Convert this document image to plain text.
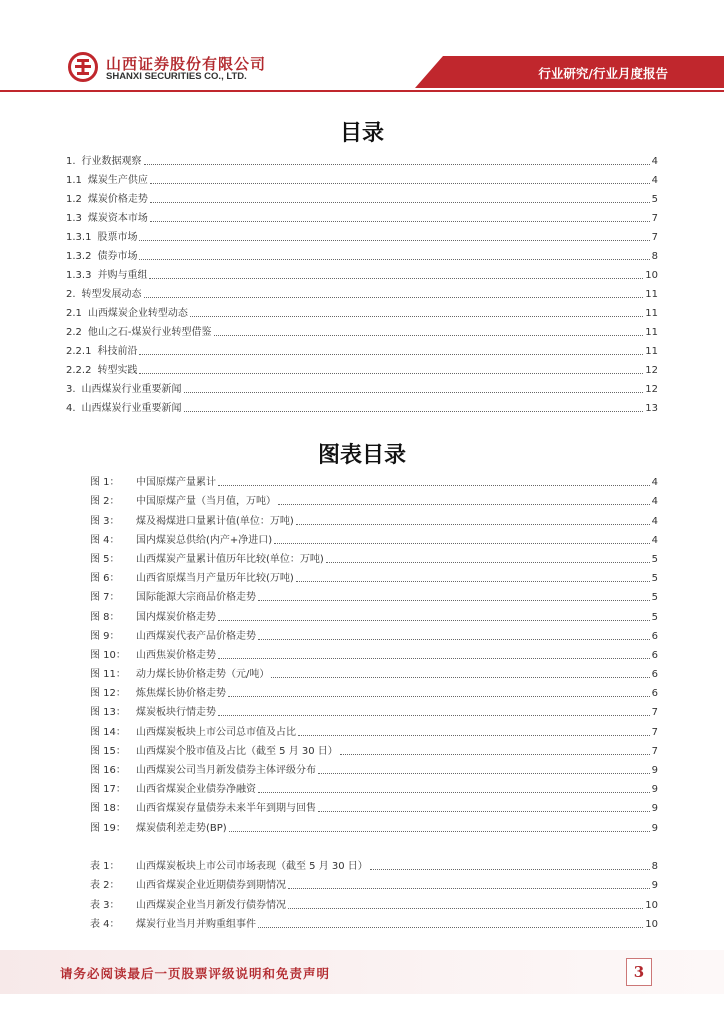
山西证券股份有限公司
SHANXI SECURITIES CO., LTD.	行业研究/行业月度报告
目录
1. 行业数据观察	4
1.1 煤炭生产供应	4
1.2 煤炭价格走势	5
1.3 煤炭资本市场	7
1.3.1 股票市场	7
1.3.2 债券市场	8
1.3.3 并购与重组	10
2. 转型发展动态	11
2.1 山西煤炭企业转型动态	11
2.2 他山之石-煤炭行业转型借鉴	11
2.2.1 科技前沿	11
2.2.2 转型实践	12
3. 山西煤炭行业重要新闻	12
4. 山西煤炭行业重要新闻	13
图表目录
图 1： 中国原煤产量累计	4
图 2： 中国原煤产量（当月值，万吨）	4
图 3： 煤及褐煤进口量累计值(单位：万吨)	4
图 4： 国内煤炭总供给(内产+净进口)	4
图 5： 山西煤炭产量累计值历年比较(单位：万吨)	5
图 6： 山西省原煤当月产量历年比较(万吨)	5
图 7： 国际能源大宗商品价格走势	5
图 8： 国内煤炭价格走势	5
图 9： 山西煤炭代表产品价格走势	6
图 10： 山西焦炭价格走势	6
图 11： 动力煤长协价格走势（元/吨）	6
图 12： 炼焦煤长协价格走势	6
图 13： 煤炭板块行情走势	7
图 14： 山西煤炭板块上市公司总市值及占比	7
图 15： 山西煤炭个股市值及占比（截至 5 月 30 日）	7
图 16： 山西煤炭公司当月新发债券主体评级分布	9
图 17： 山西省煤炭企业债券净融资	9
图 18： 山西省煤炭存量债券未来半年到期与回售	9
图 19： 煤炭债利差走势(BP)	9
表 1： 山西煤炭板块上市公司市场表现（截至 5 月 30 日）	8
表 2： 山西省煤炭企业近期债券到期情况	9
表 3： 山西煤炭企业当月新发行债券情况	10
表 4： 煤炭行业当月并购重组事件	10
请务必阅读最后一页股票评级说明和免责声明	3
